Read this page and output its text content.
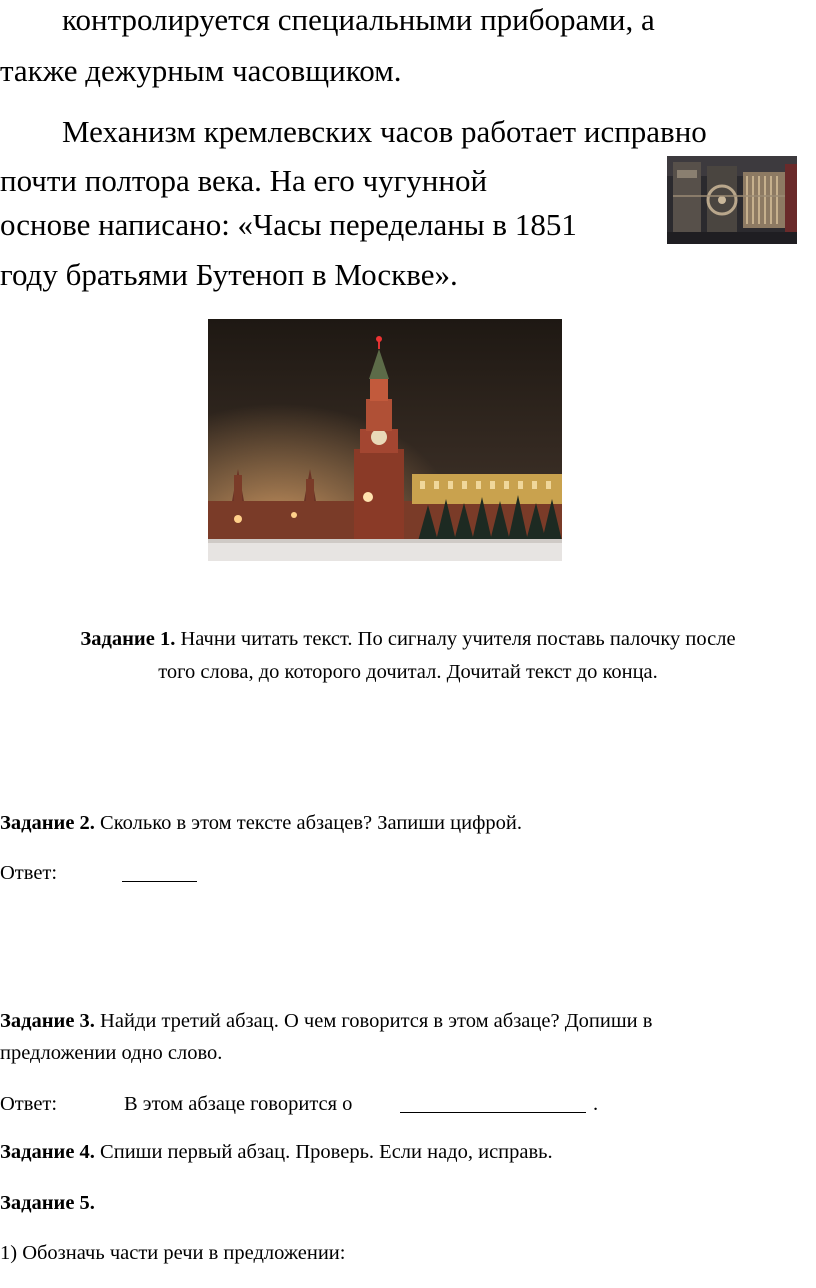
контролируется специальными приборами, а
также дежурным часовщиком.
Механизм кремлевских часов работает исправно
почти полтора века. На его чугунной
основе написано: «Часы переделаны в 1851
году братьями Бутеноп в Москве».
Задание 1. Начни читать текст. По сигналу учителя поставь палочку после
того слова, до которого дочитал. Дочитай текст до конца.
Задание 2. Сколько в этом тексте абзацев? Запиши цифрой.
Ответ:
Задание 3. Найди третий абзац. О чем говорится в этом абзаце? Допиши в
предложении одно слово.
Ответ:	В этом абзаце говорится о	.
Задание 4. Спиши первый абзац. Проверь. Если надо, исправь.
Задание 5.
1) Обозначь части речи в предложении:
